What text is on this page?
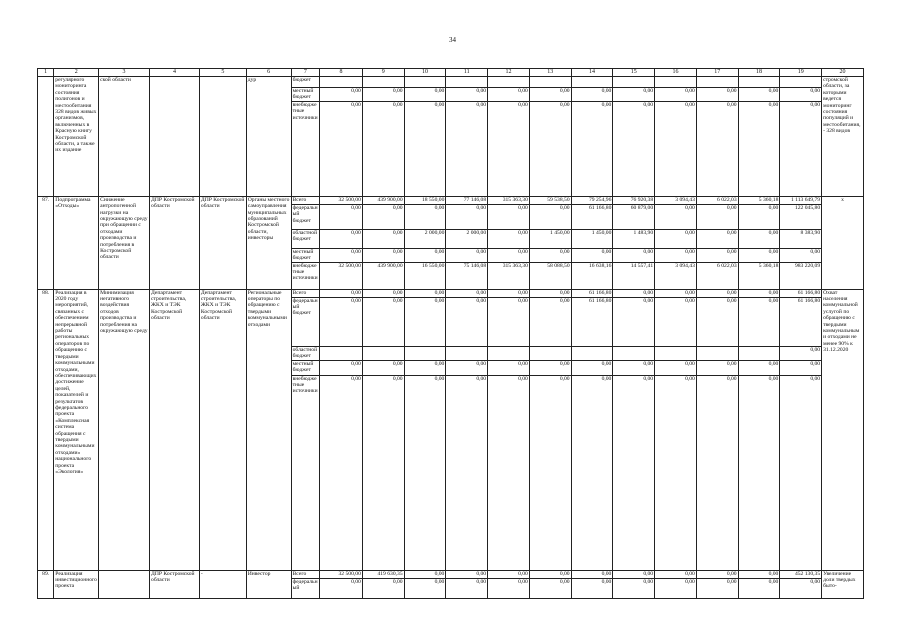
34
1	2	3	4	5	6	7	8	9	10	11	12	13	14	15	16	17	18	19	20
	регулярного мониторинга состояния полигонов и местообитания 328 видов живых организмов, включенных в Красную книгу Костромской области, а также их издание	ской области			дур	бюджет													стромской области, за которыми ведется мониторинг состояния популяций и местообитания, - 328 видов
						местный бюджет	0,00	0,00	0,00	0,00	0,00	0,00	0,00	0,00	0,00	0,00	0,00	0,00	
						внебюджетные источники	0,00	0,00	0,00	0,00	0,00	0,00	0,00	0,00	0,00	0,00	0,00	0,00	
87.	Подпрограмма «Отходы»	Снижение антропогенной нагрузки на окружающую среду при обращении с отходами производства и потребления в Костромской области	ДПР Костромской области	ДПР Костромской области	Органы местного самоуправления муниципальных образований Костромской области, инвесторы	Всего	32 500,00	439 900,00	18 550,00	77 146,08	315 363,30	59 538,50	79 254,96	76 920,38	3 094,43	6 022,03	5 360,18	1 113 649,79	x
						федеральный бюджет	0,00	0,00	0,00	0,00	0,00	0,00	61 166,80	60 879,00	0,00	0,00	0,00	122 045,80	
						областной бюджет	0,00	0,00	2 000,00	2 000,00	0,00	1 450,00	1 450,00	1 483,90	0,00	0,00	0,00	8 383,90	
						местный бюджет	0,00	0,00	0,00	0,00	0,00	0,00	0,00	0,00	0,00	0,00	0,00	0,00	
						внебюджетные источники	32 500,00	439 900,00	16 550,00	75 146,08	315 363,30	58 088,50	16 638,16	14 557,41	3 094,43	6 022,03	5 360,18	983 220,09	
88.	Реализация в 2020 году мероприятий, связанных с обеспечением непрерывной работы региональных операторов по обращению с твердыми коммунальными отходами, обеспечивающих достижение целей, показателей и результатов федерального проекта «Комплексная система обращения с твердыми коммунальными отходами» национального проекта «Экология»	Минимизация негативного воздействия отходов производства и потребления на окружающую среду	Департамент строительства, ЖКХ и ТЭК Костромской области	Департамент строительства, ЖКХ и ТЭК Костромской области	Региональные операторы по обращению с твердыми коммунальными отходами	Всего	0,00	0,00	0,00	0,00	0,00	0,00	61 166,80	0,00	0,00	0,00	0,00	61 166,80	Охват населения коммунальной услугой по обращению с твердыми коммунальными отходами не менее 90% к 31.12.2020
						федеральный бюджет	0,00	0,00	0,00	0,00	0,00	0,00	61 166,80	0,00	0,00	0,00	0,00	61 166,80	
						областной бюджет												0,00	
						местный бюджет	0,00	0,00	0,00	0,00	0,00	0,00	0,00	0,00	0,00	0,00	0,00	0,00	
						внебюджетные источники	0,00	0,00	0,00	0,00	0,00	0,00	0,00	0,00	0,00	0,00	0,00	0,00	
89.	Реализация инвестиционного проекта		ДПР Костромской области	-	Инвестор	Всего	32 500,00	419 630,35	0,00	0,00	0,00	0,00	0,00	0,00	0,00	0,00	0,00	452 130,35	Увеличение доли твердых быто-
						федеральный	0,00	0,00	0,00	0,00	0,00	0,00	0,00	0,00	0,00	0,00	0,00	0,00	
